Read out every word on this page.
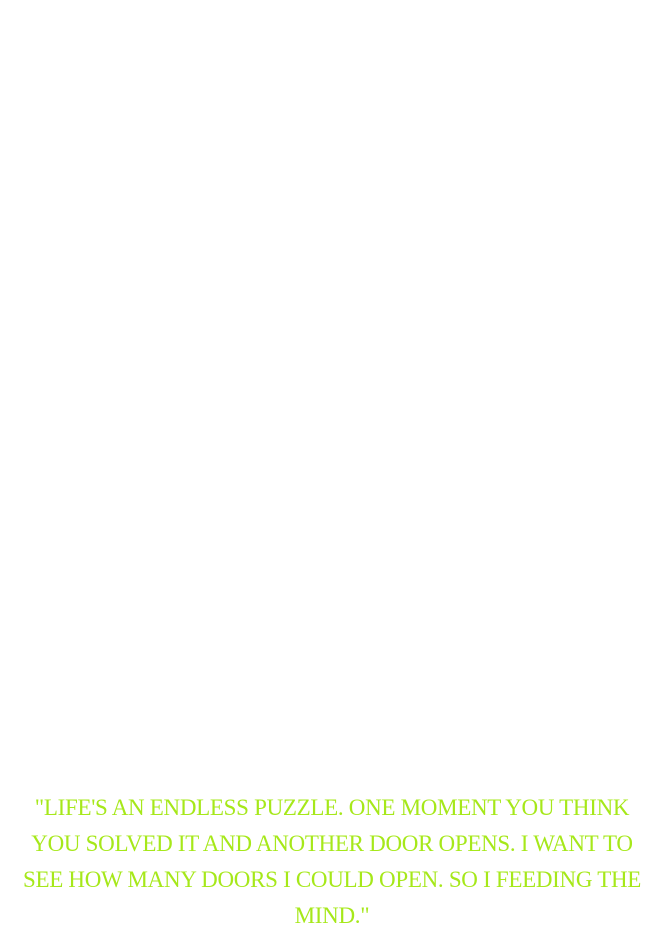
"LIFE'S AN ENDLESS PUZZLE. ONE MOMENT YOU THINK
YOU SOLVED IT AND ANOTHER DOOR OPENS. I WANT TO
SEE HOW MANY DOORS I COULD OPEN. SO I FEEDING THE
MIND."
